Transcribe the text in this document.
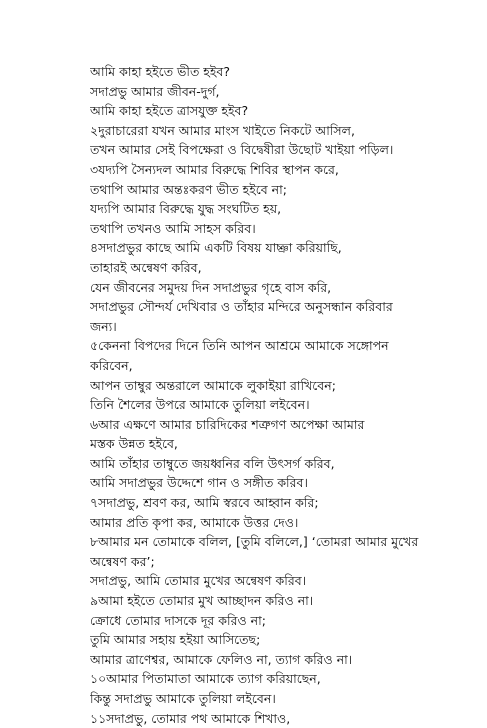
আমি কাহা হইতে ভীত হইব?
সদাপ্রভু আমার জীবন-দুর্গ,
আমি কাহা হইতে ত্রাসযুক্ত হইব?
২দুরাচারেরা যখন আমার মাংস খাইতে নিকটে আসিল,
তখন আমার সেই বিপক্ষেরা ও বিদ্বেষীরা উছোট খাইয়া পড়িল।
৩যদ্যপি সৈন্যদল আমার বিরুদ্ধে শিবির স্থাপন করে,
তথাপি আমার অন্তঃকরণ ভীত হইবে না;
যদ্যপি আমার বিরুদ্ধে যুদ্ধ সংঘটিত হয়,
তথাপি তখনও আমি সাহস করিব।
৪সদাপ্রভুর কাছে আমি একটি বিষয় যাচ্ঞা করিয়াছি,
তাহারই অন্বেষণ করিব,
যেন জীবনের সমুদয় দিন সদাপ্রভুর গৃহে বাস করি,
সদাপ্রভুর সৌন্দর্য দেখিবার ও তাঁহার মন্দিরে অনুসন্ধান করিবার
জন্য।
৫কেননা বিপদের দিনে তিনি আপন আশ্রমে আমাকে সঙ্গোপন
করিবেন,
আপন তাম্বুর অন্তরালে আমাকে লুকাইয়া রাখিবেন;
তিনি শৈলের উপরে আমাকে তুলিয়া লইবেন।
৬আর এক্ষণে আমার চারিদিকের শত্রুগণ অপেক্ষা আমার
মস্তক উন্নত হইবে,
আমি তাঁহার তাম্বুতে জয়ধ্বনির বলি উৎসর্গ করিব,
আমি সদাপ্রভুর উদ্দেশে গান ও সঙ্গীত করিব।
৭সদাপ্রভু, শ্রবণ কর, আমি স্বরবে আহ্বান করি;
আমার প্রতি কৃপা কর, আমাকে উত্তর দেও।
৮আমার মন তোমাকে বলিল, [তুমি বলিলে,] ‘তোমরা আমার মুখের
অন্বেষণ কর’;
সদাপ্রভু, আমি তোমার মুখের অন্বেষণ করিব।
৯আমা হইতে তোমার মুখ আচ্ছাদন করিও না।
ক্রোধে তোমার দাসকে দূর করিও না;
তুমি আমার সহায় হইয়া আসিতেছ;
আমার ত্রাণেশ্বর, আমাকে ফেলিও না, ত্যাগ করিও না।
১০আমার পিতামাতা আমাকে ত্যাগ করিয়াছেন,
কিন্তু সদাপ্রভু আমাকে তুলিয়া লইবেন।
১১সদাপ্রভু, তোমার পথ আমাকে শিখাও,
